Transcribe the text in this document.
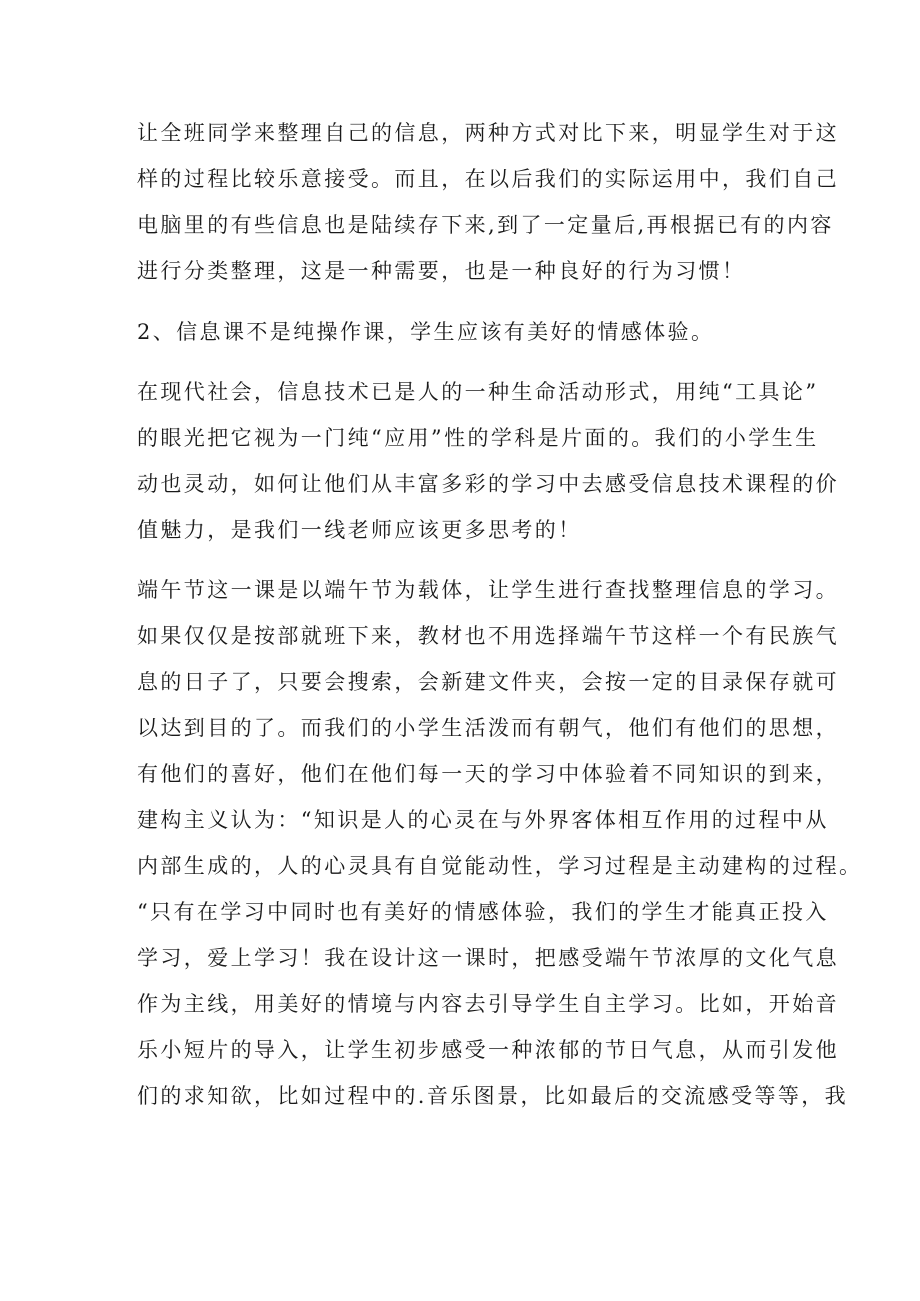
让全班同学来整理自己的信息，两种方式对比下来，明显学生对于这
样的过程比较乐意接受。而且，在以后我们的实际运用中，我们自己
电脑里的有些信息也是陆续存下来,到了一定量后,再根据已有的内容
进行分类整理，这是一种需要，也是一种良好的行为习惯！
2、信息课不是纯操作课，学生应该有美好的情感体验。
在现代社会，信息技术已是人的一种生命活动形式，用纯“工具论”
的眼光把它视为一门纯“应用”性的学科是片面的。我们的小学生生
动也灵动，如何让他们从丰富多彩的学习中去感受信息技术课程的价
值魅力，是我们一线老师应该更多思考的！
端午节这一课是以端午节为载体，让学生进行查找整理信息的学习。
如果仅仅是按部就班下来，教材也不用选择端午节这样一个有民族气
息的日子了，只要会搜索，会新建文件夹，会按一定的目录保存就可
以达到目的了。而我们的小学生活泼而有朝气，他们有他们的思想，
有他们的喜好，他们在他们每一天的学习中体验着不同知识的到来，
建构主义认为：“知识是人的心灵在与外界客体相互作用的过程中从
内部生成的，人的心灵具有自觉能动性，学习过程是主动建构的过程。
“只有在学习中同时也有美好的情感体验，我们的学生才能真正投入
学习，爱上学习！我在设计这一课时，把感受端午节浓厚的文化气息
作为主线，用美好的情境与内容去引导学生自主学习。比如，开始音
乐小短片的导入，让学生初步感受一种浓郁的节日气息，从而引发他
们的求知欲，比如过程中的.音乐图景，比如最后的交流感受等等，我
